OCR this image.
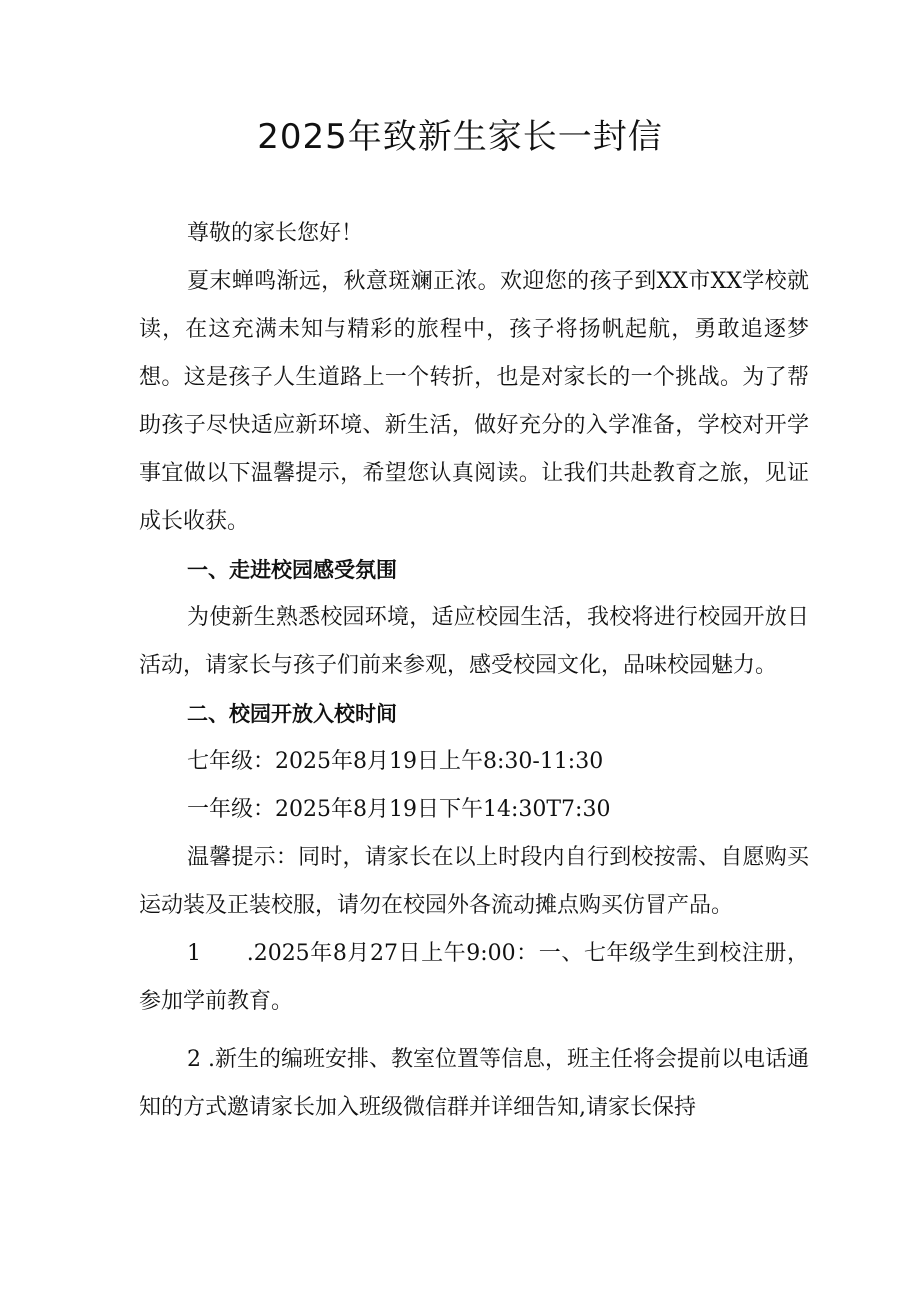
2025年致新生家长一封信

尊敬的家长您好！

夏末蝉鸣渐远，秋意斑斓正浓。欢迎您的孩子到XX市XX学校就读，在这充满未知与精彩的旅程中，孩子将扬帆起航，勇敢追逐梦想。这是孩子人生道路上一个转折，也是对家长的一个挑战。为了帮助孩子尽快适应新环境、新生活，做好充分的入学准备，学校对开学事宜做以下温馨提示，希望您认真阅读。让我们共赴教育之旅，见证成长收获。

一、走进校园感受氛围

为使新生熟悉校园环境，适应校园生活，我校将进行校园开放日活动，请家长与孩子们前来参观，感受校园文化，品味校园魅力。

二、校园开放入校时间

七年级：2025年8月19日上午8:30-11:30

一年级：2025年8月19日下午14:30T7:30

温馨提示：同时，请家长在以上时段内自行到校按需、自愿购买运动装及正装校服，请勿在校园外各流动摊点购买仿冒产品。

1　　.2025年8月27日上午9:00：一、七年级学生到校注册，参加学前教育。

2 .新生的编班安排、教室位置等信息，班主任将会提前以电话通知的方式邀请家长加入班级微信群并详细告知,请家长保持
